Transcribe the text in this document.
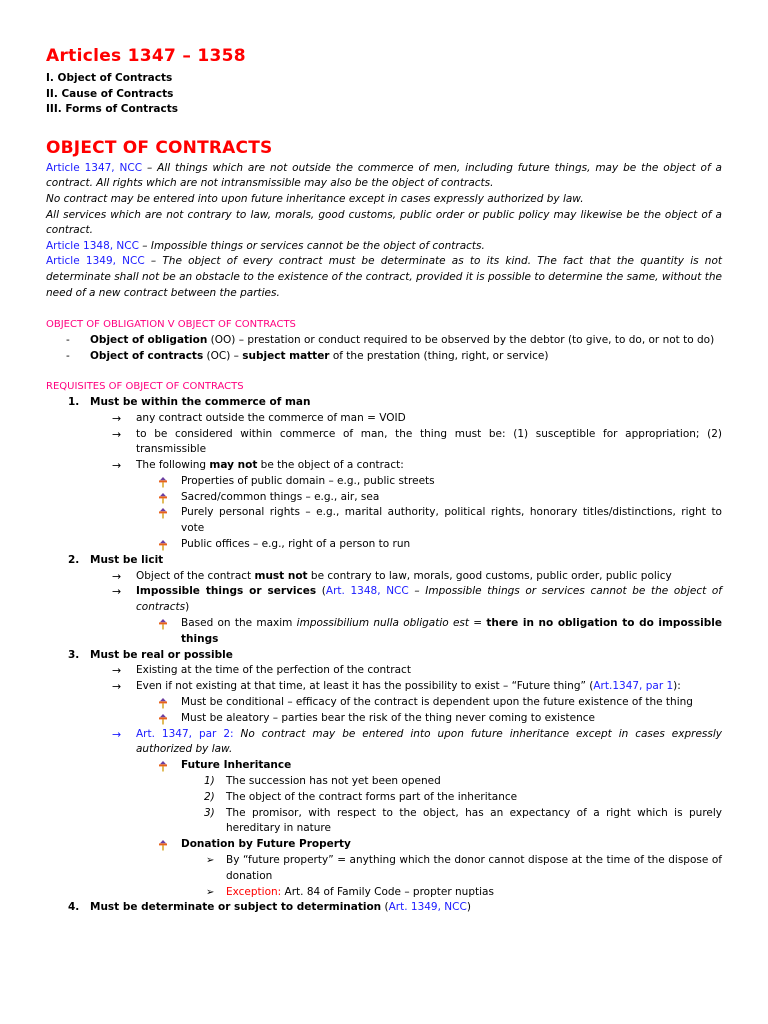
Articles 1347 – 1358
I. Object of Contracts
II. Cause of Contracts
III. Forms of Contracts
OBJECT OF CONTRACTS
Article 1347, NCC – All things which are not outside the commerce of men, including future things, may be the object of a contract. All rights which are not intransmissible may also be the object of contracts.
No contract may be entered into upon future inheritance except in cases expressly authorized by law.
All services which are not contrary to law, morals, good customs, public order or public policy may likewise be the object of a contract.
Article 1348, NCC – Impossible things or services cannot be the object of contracts.
Article 1349, NCC – The object of every contract must be determinate as to its kind. The fact that the quantity is not determinate shall not be an obstacle to the existence of the contract, provided it is possible to determine the same, without the need of a new contract between the parties.
OBJECT OF OBLIGATION V OBJECT OF CONTRACTS
- Object of obligation (OO) – prestation or conduct required to be observed by the debtor (to give, to do, or not to do)
- Object of contracts (OC) – subject matter of the prestation (thing, right, or service)
REQUISITES OF OBJECT OF CONTRACTS
1. Must be within the commerce of man
→ any contract outside the commerce of man = VOID
→ to be considered within commerce of man, the thing must be: (1) susceptible for appropriation; (2) transmissible
→ The following may not be the object of a contract:
Properties of public domain – e.g., public streets
Sacred/common things – e.g., air, sea
Purely personal rights – e.g., marital authority, political rights, honorary titles/distinctions, right to vote
Public offices – e.g., right of a person to run
2. Must be licit
→ Object of the contract must not be contrary to law, morals, good customs, public order, public policy
→ Impossible things or services (Art. 1348, NCC – Impossible things or services cannot be the object of contracts)
Based on the maxim impossibilium nulla obligatio est = there in no obligation to do impossible things
3. Must be real or possible
→ Existing at the time of the perfection of the contract
→ Even if not existing at that time, at least it has the possibility to exist – “Future thing” (Art.1347, par 1):
Must be conditional – efficacy of the contract is dependent upon the future existence of the thing
Must be aleatory – parties bear the risk of the thing never coming to existence
→ Art. 1347, par 2: No contract may be entered into upon future inheritance except in cases expressly authorized by law.
Future Inheritance
1) The succession has not yet been opened
2) The object of the contract forms part of the inheritance
3) The promisor, with respect to the object, has an expectancy of a right which is purely hereditary in nature
Donation by Future Property
➢ By “future property” = anything which the donor cannot dispose at the time of the dispose of donation
➢ Exception: Art. 84 of Family Code – propter nuptias
4. Must be determinate or subject to determination (Art. 1349, NCC)
